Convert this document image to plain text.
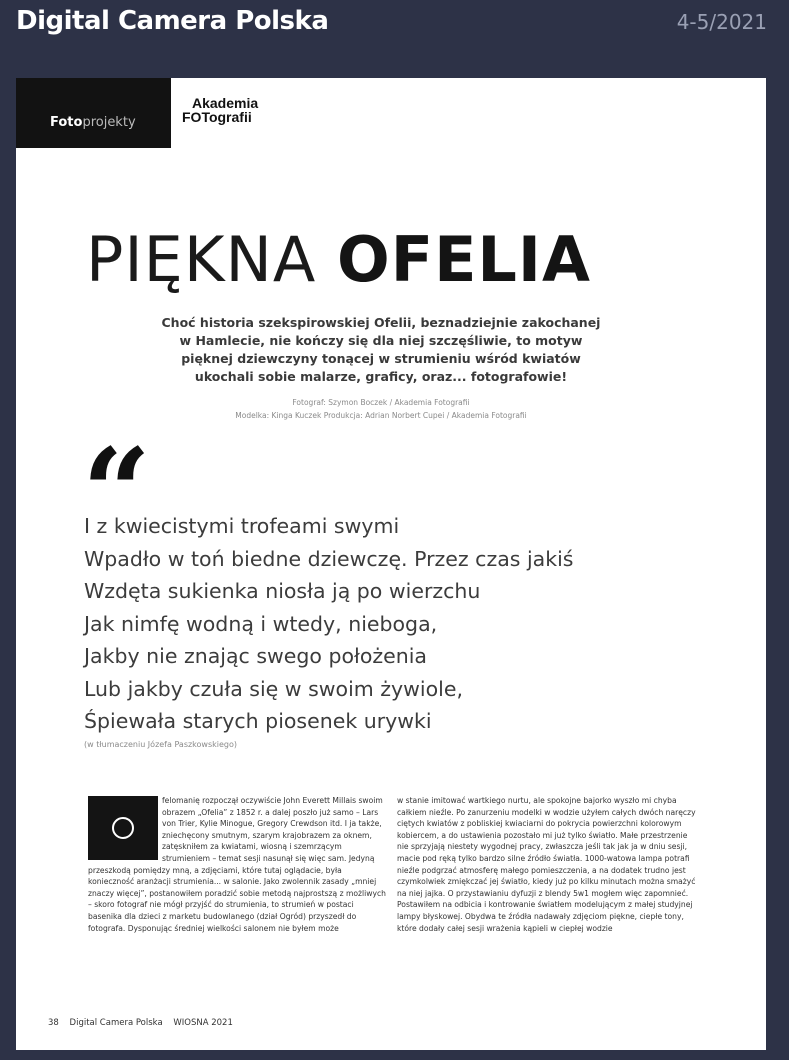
Digital Camera Polska	4-5/2021
Fotoprojekty
Akademia
FOTografii
PIĘKNA OFELIA
Choć historia szekspirowskiej Ofelii, beznadziejnie zakochanej w Hamlecie, nie kończy się dla niej szczęśliwie, to motyw pięknej dziewczyny tonącej w strumieniu wśród kwiatów ukochali sobie malarze, graficy, oraz... fotografowie!
Fotograf: Szymon Boczek / Akademia Fotografii
Modelka: Kinga Kuczek Produkcja: Adrian Norbert Cupei / Akademia Fotografii
“
I z kwiecistymi trofeami swymi
Wpadło w toń biedne dziewczę. Przez czas jakiś
Wzdęta sukienka niosła ją po wierzchu
Jak nimfę wodną i wtedy, nieboga,
Jakby nie znając swego położenia
Lub jakby czuła się w swoim żywiole,
Śpiewała starych piosenek urywki
(w tłumaczeniu Józefa Paszkowskiego)

felomanię rozpoczął oczywiście John Everett Millais swoim obrazem „Ofelia” z 1852 r. a dalej poszło już samo – Lars von Trier, Kylie Minogue, Gregory Crewdson itd. I ja także, zniechęcony smutnym, szarym krajobrazem za oknem, zatęskniłem za kwiatami, wiosną i szemrzącym strumieniem – temat sesji nasunął się więc sam. Jedyną przeszkodą pomiędzy mną, a zdjęciami, które tutaj oglądacie, była konieczność aranżacji strumienia... w salonie. Jako zwolennik zasady „mniej znaczy więcej”, postanowiłem poradzić sobie metodą najprostszą z możliwych – skoro fotograf nie mógł przyjść do strumienia, to strumień w postaci basenika dla dzieci z marketu budowlanego (dział Ogród) przyszedł do fotografa. Dysponując średniej wielkości salonem nie byłem może

w stanie imitować wartkiego nurtu, ale spokojne bajorko wyszło mi chyba całkiem nieźle. Po zanurzeniu modelki w wodzie użyłem całych dwóch naręczy ciętych kwiatów z pobliskiej kwiaciarni do pokrycia powierzchni kolorowym kobiercem, a do ustawienia pozostało mi już tylko światło. Małe przestrzenie nie sprzyjają niestety wygodnej pracy, zwłaszcza jeśli tak jak ja w dniu sesji, macie pod ręką tylko bardzo silne źródło światła. 1000-watowa lampa potrafi nieźle podgrzać atmosferę małego pomieszczenia, a na dodatek trudno jest czymkolwiek zmiękczać jej światło, kiedy już po kilku minutach można smażyć na niej jajka. O przystawianiu dyfuzji z blendy 5w1 mogłem więc zapomnieć. Postawiłem na odbicia i kontrowanie światłem modelującym z małej studyjnej lampy błyskowej. Obydwa te źródła nadawały zdjęciom piękne, ciepłe tony, które dodały całej sesji wrażenia kąpieli w ciepłej wodzie

38 Digital Camera Polska WIOSNA 2021
